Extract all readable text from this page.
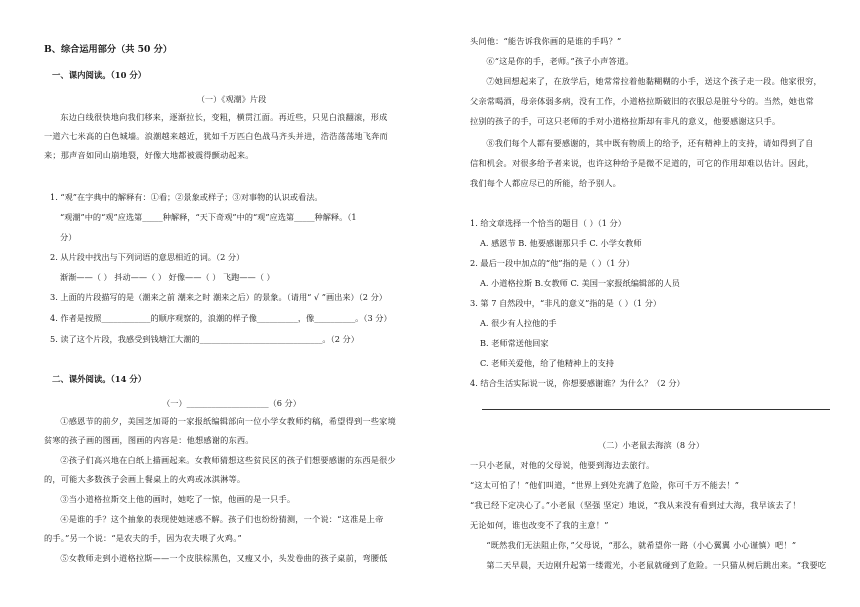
B、综合运用部分（共 50 分）
一、课内阅读。（10 分）
（一）《观潮》片段
东边白线很快地向我们移来，逐渐拉长，变粗，横贯江面。再近些，只见白浪翻滚，形成
一道六七米高的白色城墙。浪潮越来越近，犹如千万匹白色战马齐头并进，浩浩荡荡地飞奔而
来；那声音如同山崩地裂，好像大地都被震得颤动起来。
1. “观”在字典中的解释有：①看；②景象或样子；③对事物的认识或看法。
“观潮”中的“观”应选第_____种解释，“天下奇观”中的“观”应选第_____种解释。（1
分）
2. 从片段中找出与下列词语的意思相近的词。（2 分）
渐渐——（ ） 抖动——（ ） 好像——（ ） 飞跑——（ ）
3. 上面的片段描写的是（潮来之前 潮来之时 潮来之后）的景象。（请用“ √ ”画出来）（2 分）
4. 作者是按照____________的顺序观察的，浪潮的样子像__________，像__________。（3 分）
5. 读了这个片段，我感受到钱塘江大潮的______________________________。（2 分）
二、课外阅读。（14 分）
（一）____________________（6 分）
①感恩节的前夕，美国芝加哥的一家报纸编辑部向一位小学女教师约稿，希望得到一些家境
贫寒的孩子画的图画，图画的内容是：他想感谢的东西。
②孩子们高兴地在白纸上描画起来。女教师猜想这些贫民区的孩子们想要感谢的东西是很少
的，可能大多数孩子会画上餐桌上的火鸡或冰淇淋等。
③当小道格拉斯交上他的画时，她吃了一惊，他画的是一只手。
④是谁的手？这个抽象的表现使她迷惑不解。孩子们也纷纷猜测，一个说：“这准是上帝
的手。”另一个说：“是农夫的手，因为农夫喂了火鸡。”
⑤女教师走到小道格拉斯——一个皮肤棕黑色，又瘦又小，头发卷曲的孩子桌前，弯腰低
头问他：“能告诉我你画的是谁的手吗？”
⑥“这是你的手，老师。”孩子小声答道。
⑦她回想起来了，在放学后，她常常拉着他黏糊糊的小手，送这个孩子走一段。他家很穷，
父亲常喝酒，母亲体弱多病，没有工作，小道格拉斯破旧的衣服总是脏兮兮的。当然，她也常
拉别的孩子的手，可这只老师的手对小道格拉斯却有非凡的意义，他要感谢这只手。
⑧我们每个人都有要感谢的，其中既有物质上的给予，还有精神上的支持，请如得到了自
信和机会。对很多给予者来说，也许这种给予是微不足道的，可它的作用却难以估计。因此，
我们每个人都应尽已的所能，给予别人。
1. 给文章选择一个恰当的题目（ ）（1 分）
A. 感恩节 B. 他要感谢那只手 C. 小学女教师
2. 最后一段中加点的“他”指的是（ ）（1 分）
A. 小道格拉斯 B.女教师 C. 美国一家报纸编辑部的人员
3. 第 7 自然段中，“非凡的意义”指的是（ ）（1 分）
A. 很少有人拉他的手
B. 老师常送他回家
C. 老师关爱他，给了他精神上的支持
4. 结合生活实际说一说，你想要感谢谁？为什么？（2 分）
（二）小老鼠去海滨（8 分）
一只小老鼠，对他的父母说，他要到海边去旅行。
“这太可怕了！”他们叫道，“世界上到处充满了危险，你可千万不能去！”
“我已经下定决心了。”小老鼠（坚强 坚定）地说，“我从来没有看到过大海，我早该去了！
无论如何，谁也改变不了我的主意！”
“既然我们无法阻止你，”父母说，“那么，就希望你一路（小心翼翼 小心谨慎）吧！”
第二天早晨，天边刚升起第一缕霞光，小老鼠就碰到了危险。一只猫从树后跳出来。“我要吃
